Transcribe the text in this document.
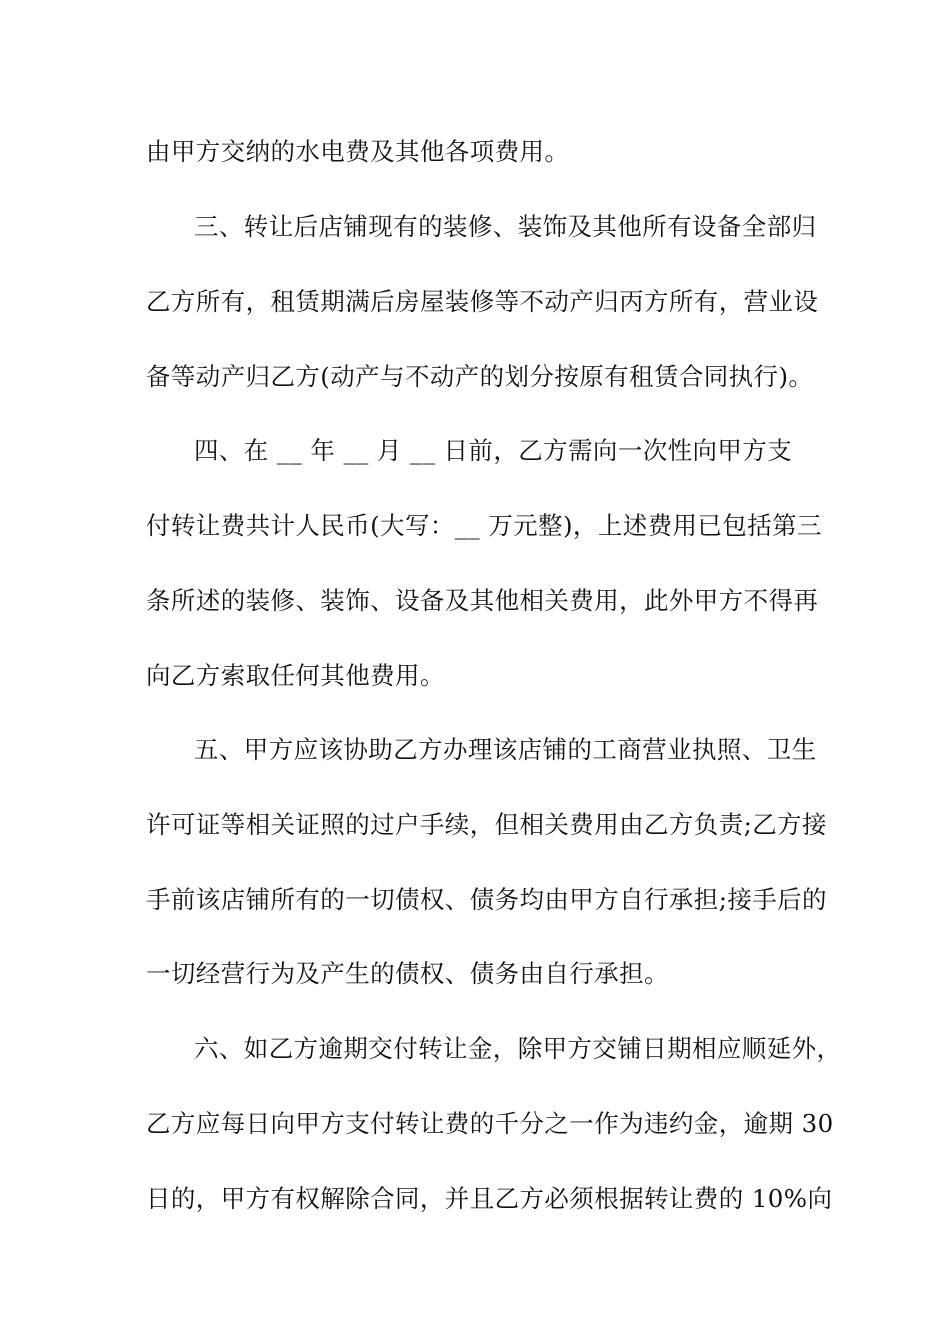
由甲方交纳的水电费及其他各项费用。

三、转让后店铺现有的装修、装饰及其他所有设备全部归

乙方所有，租赁期满后房屋装修等不动产归丙方所有，营业设

备等动产归乙方(动产与不动产的划分按原有租赁合同执行)。

四、在 __ 年 __ 月 __ 日前，乙方需向一次性向甲方支

付转让费共计人民币(大写：__ 万元整)，上述费用已包括第三

条所述的装修、装饰、设备及其他相关费用，此外甲方不得再

向乙方索取任何其他费用。

五、甲方应该协助乙方办理该店铺的工商营业执照、卫生

许可证等相关证照的过户手续，但相关费用由乙方负责;乙方接

手前该店铺所有的一切债权、债务均由甲方自行承担;接手后的

一切经营行为及产生的债权、债务由自行承担。

六、如乙方逾期交付转让金，除甲方交铺日期相应顺延外，

乙方应每日向甲方支付转让费的千分之一作为违约金，逾期 30

日的，甲方有权解除合同，并且乙方必须根据转让费的 10%向
